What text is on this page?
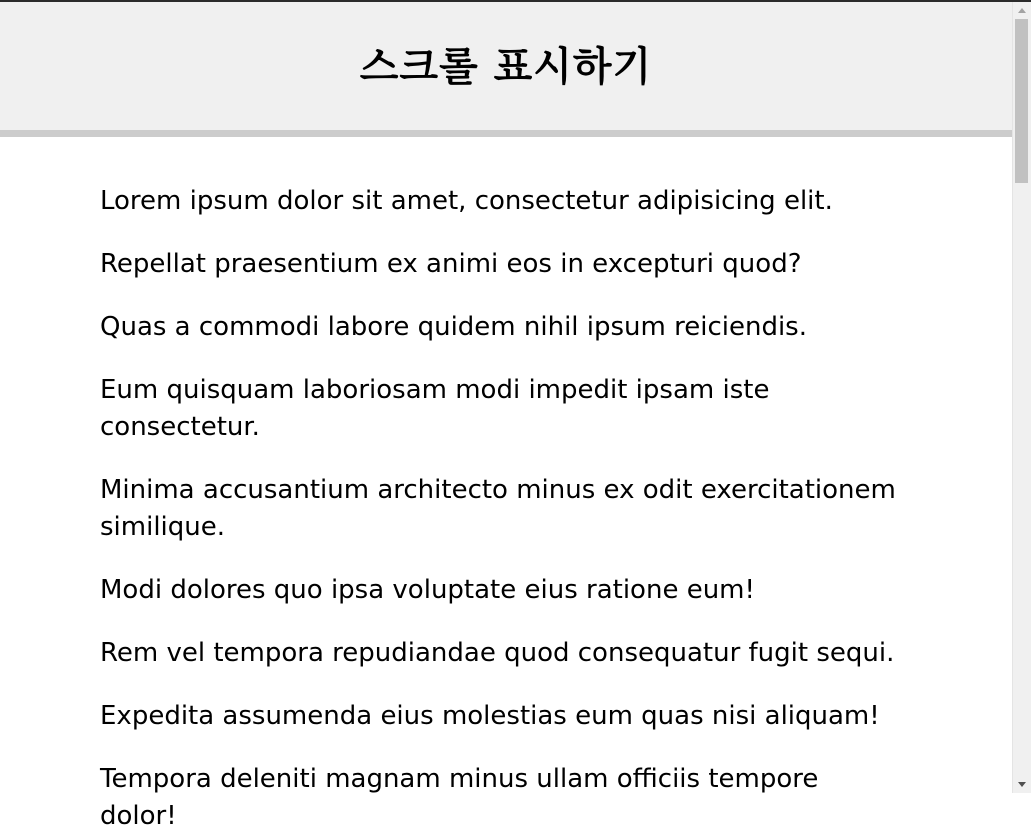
스크롤 표시하기

Lorem ipsum dolor sit amet, consectetur adipisicing elit.

Repellat praesentium ex animi eos in excepturi quod?

Quas a commodi labore quidem nihil ipsum reiciendis.

Eum quisquam laboriosam modi impedit ipsam iste consectetur.

Minima accusantium architecto minus ex odit exercitationem similique.

Modi dolores quo ipsa voluptate eius ratione eum!

Rem vel tempora repudiandae quod consequatur fugit sequi.

Expedita assumenda eius molestias eum quas nisi aliquam!

Tempora deleniti magnam minus ullam officiis tempore dolor!
